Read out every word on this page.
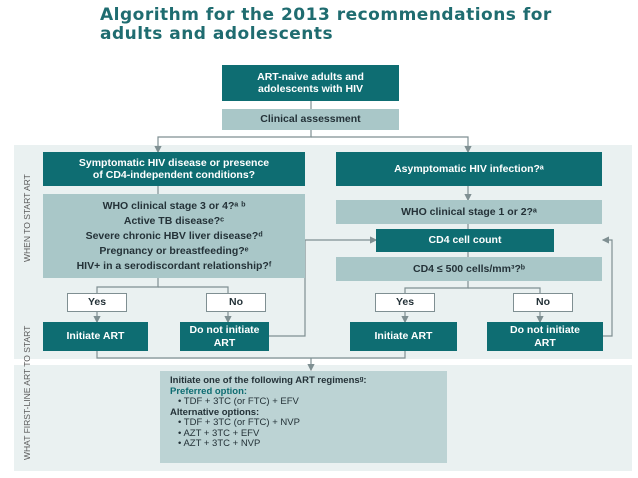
Algorithm for the 2013 recommendations for
adults and adolescents
WHEN TO START ART
WHAT FIRST-LINE ART TO START
ART-naive adults and
adolescents with HIV
Clinical assessment
Symptomatic HIV disease or presence
of CD4-independent conditions?
WHO clinical stage 3 or 4?ᵃ ᵇ
Active TB disease?ᶜ
Severe chronic HBV liver disease?ᵈ
Pregnancy or breastfeeding?ᵉ
HIV+ in a serodiscordant relationship?ᶠ
Yes	No
Initiate ART
Do not initiate
ART
Asymptomatic HIV infection?ᵃ
WHO clinical stage 1 or 2?ᵃ
CD4 cell count
CD4 ≤ 500 cells/mm³?ᵇ
Yes	No
Initiate ART
Do not initiate
ART
Initiate one of the following ART regimensᵍ:
Preferred option:
• TDF + 3TC (or FTC) + EFV
Alternative options:
• TDF + 3TC (or FTC) + NVP
• AZT + 3TC + EFV
• AZT + 3TC + NVP
